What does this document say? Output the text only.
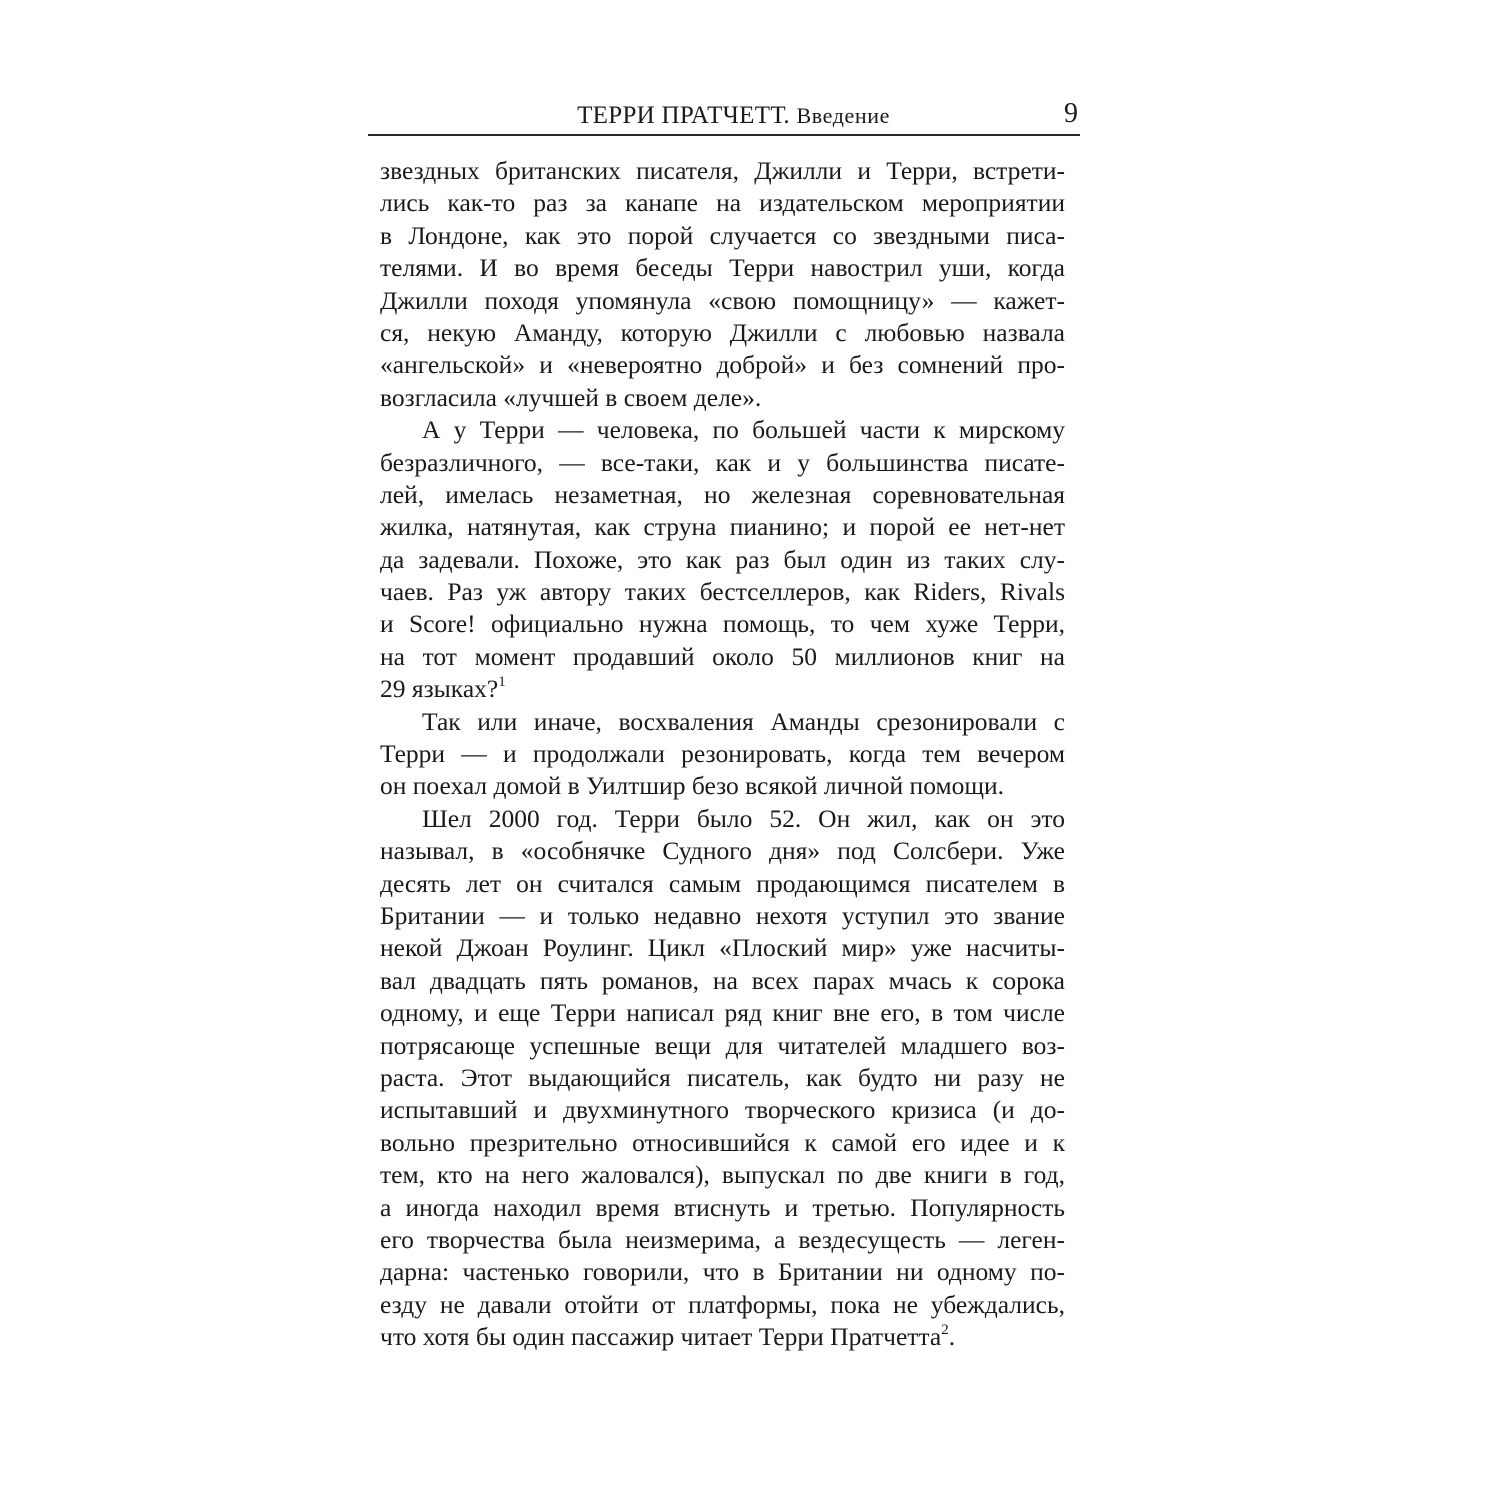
ТЕРРИ ПРАТЧЕТТ. Введение	9
звездных британских писателя, Джилли и Терри, встрети-
лись как-то раз за канапе на издательском мероприятии
в Лондоне, как это порой случается со звездными писа-
телями. И во время беседы Терри навострил уши, когда
Джилли походя упомянула «свою помощницу» — кажет-
ся, некую Аманду, которую Джилли с любовью назвала
«ангельской» и «невероятно доброй» и без сомнений про-
возгласила «лучшей в своем деле».
А у Терри — человека, по большей части к мирскому
безразличного, — все-таки, как и у большинства писате-
лей, имелась незаметная, но железная соревновательная
жилка, натянутая, как струна пианино; и порой ее нет-нет
да задевали. Похоже, это как раз был один из таких слу-
чаев. Раз уж автору таких бестселлеров, как Riders, Rivals
и Score! официально нужна помощь, то чем хуже Терри,
на тот момент продавший около 50 миллионов книг на
29 языках?$^1$
Так или иначе, восхваления Аманды срезонировали с
Терри — и продолжали резонировать, когда тем вечером
он поехал домой в Уилтшир безо всякой личной помощи.
Шел 2000 год. Терри было 52. Он жил, как он это
называл, в «особнячке Судного дня» под Солсбери. Уже
десять лет он считался самым продающимся писателем в
Британии — и только недавно нехотя уступил это звание
некой Джоан Роулинг. Цикл «Плоский мир» уже насчиты-
вал двадцать пять романов, на всех парах мчась к сорока
одному, и еще Терри написал ряд книг вне его, в том числе
потрясающе успешные вещи для читателей младшего воз-
раста. Этот выдающийся писатель, как будто ни разу не
испытавший и двухминутного творческого кризиса (и до-
вольно презрительно относившийся к самой его идее и к
тем, кто на него жаловался), выпускал по две книги в год,
а иногда находил время втиснуть и третью. Популярность
его творчества была неизмерима, а вездесущесть — леген-
дарна: частенько говорили, что в Британии ни одному по-
езду не давали отойти от платформы, пока не убеждались,
что хотя бы один пассажир читает Терри Пратчетта$^2$.
